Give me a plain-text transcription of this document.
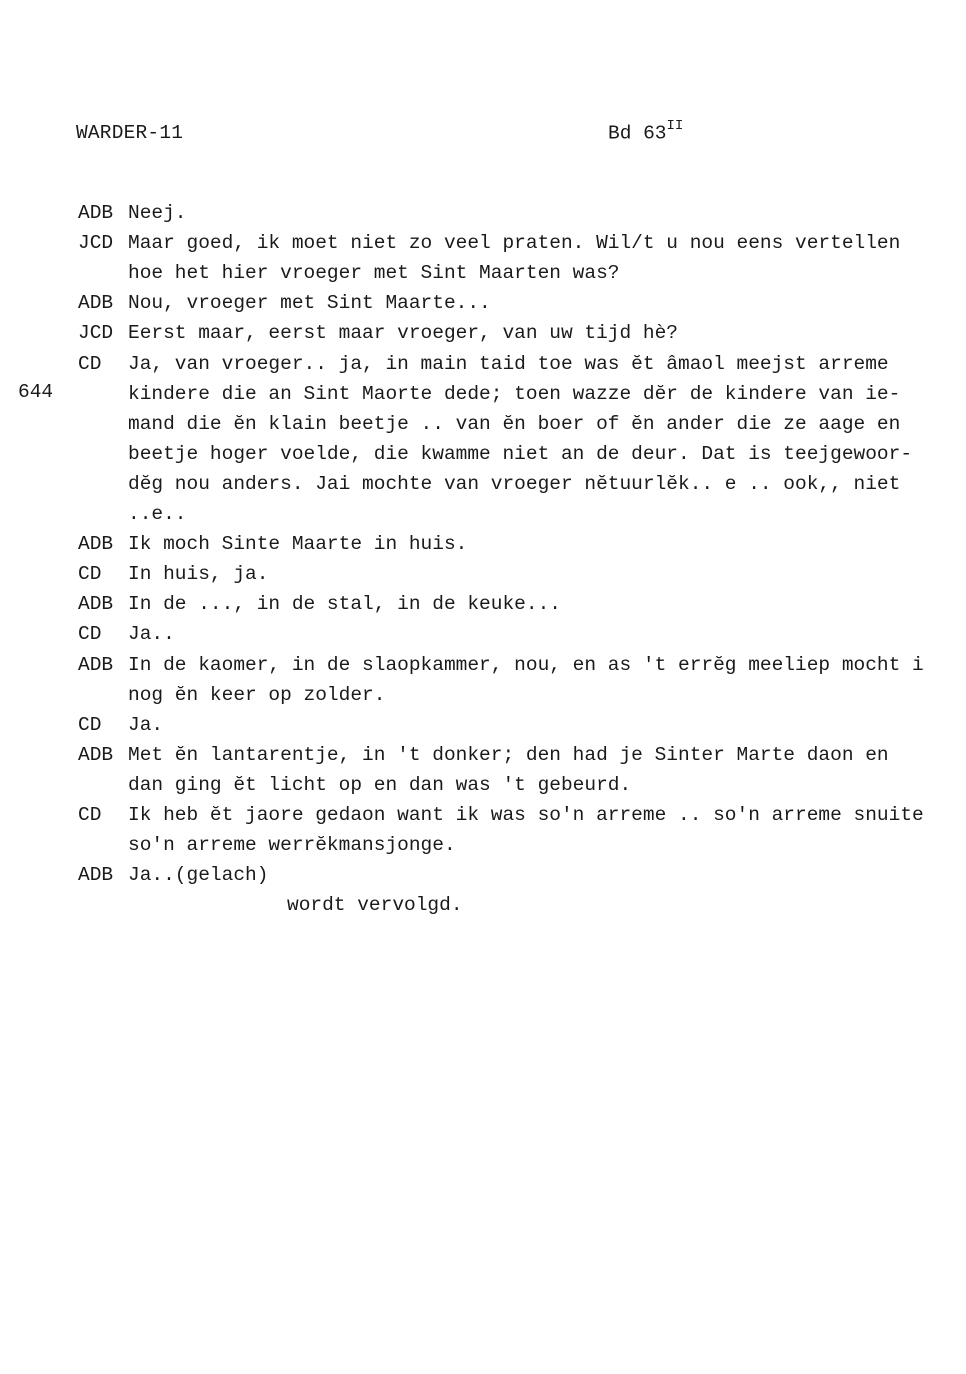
WARDER-11	Bd $63^{II}$
644
ADB Neej.
JCD Maar goed, ik moet niet zo veel praten. Wil/t u nou eens vertellen
hoe het hier vroeger met Sint Maarten was?
ADB Nou, vroeger met Sint Maarte...
JCD Eerst maar, eerst maar vroeger, van uw tijd hè?
CD Ja, van vroeger.. ja, in main taid toe was ĕt âmaol meejst arreme
kindere die an Sint Maorte dede; toen wazze dĕr de kindere van ie-
mand die ĕn klain beetje .. van ĕn boer of ĕn ander die ze aage en
beetje hoger voelde, die kwamme niet an de deur. Dat is teejgewoor-
dĕg nou anders. Jai mochte van vroeger nĕtuurlĕk.. e .. ook,, niet
..e..
ADB Ik moch Sinte Maarte in huis.
CD In huis, ja.
ADB In de ..., in de stal, in de keuke...
CD Ja..
ADB In de kaomer, in de slaopkammer, nou, en as 't errĕg meeliep mocht i
nog ĕn keer op zolder.
CD Ja.
ADB Met ĕn lantarentje, in 't donker; den had je Sinter Marte daon en
dan ging ĕt licht op en dan was 't gebeurd.
CD Ik heb ĕt jaore gedaon want ik was so'n arreme .. so'n arreme snuite
so'n arreme werrĕkmansjonge.
ADB Ja..(gelach)
wordt vervolgd.
